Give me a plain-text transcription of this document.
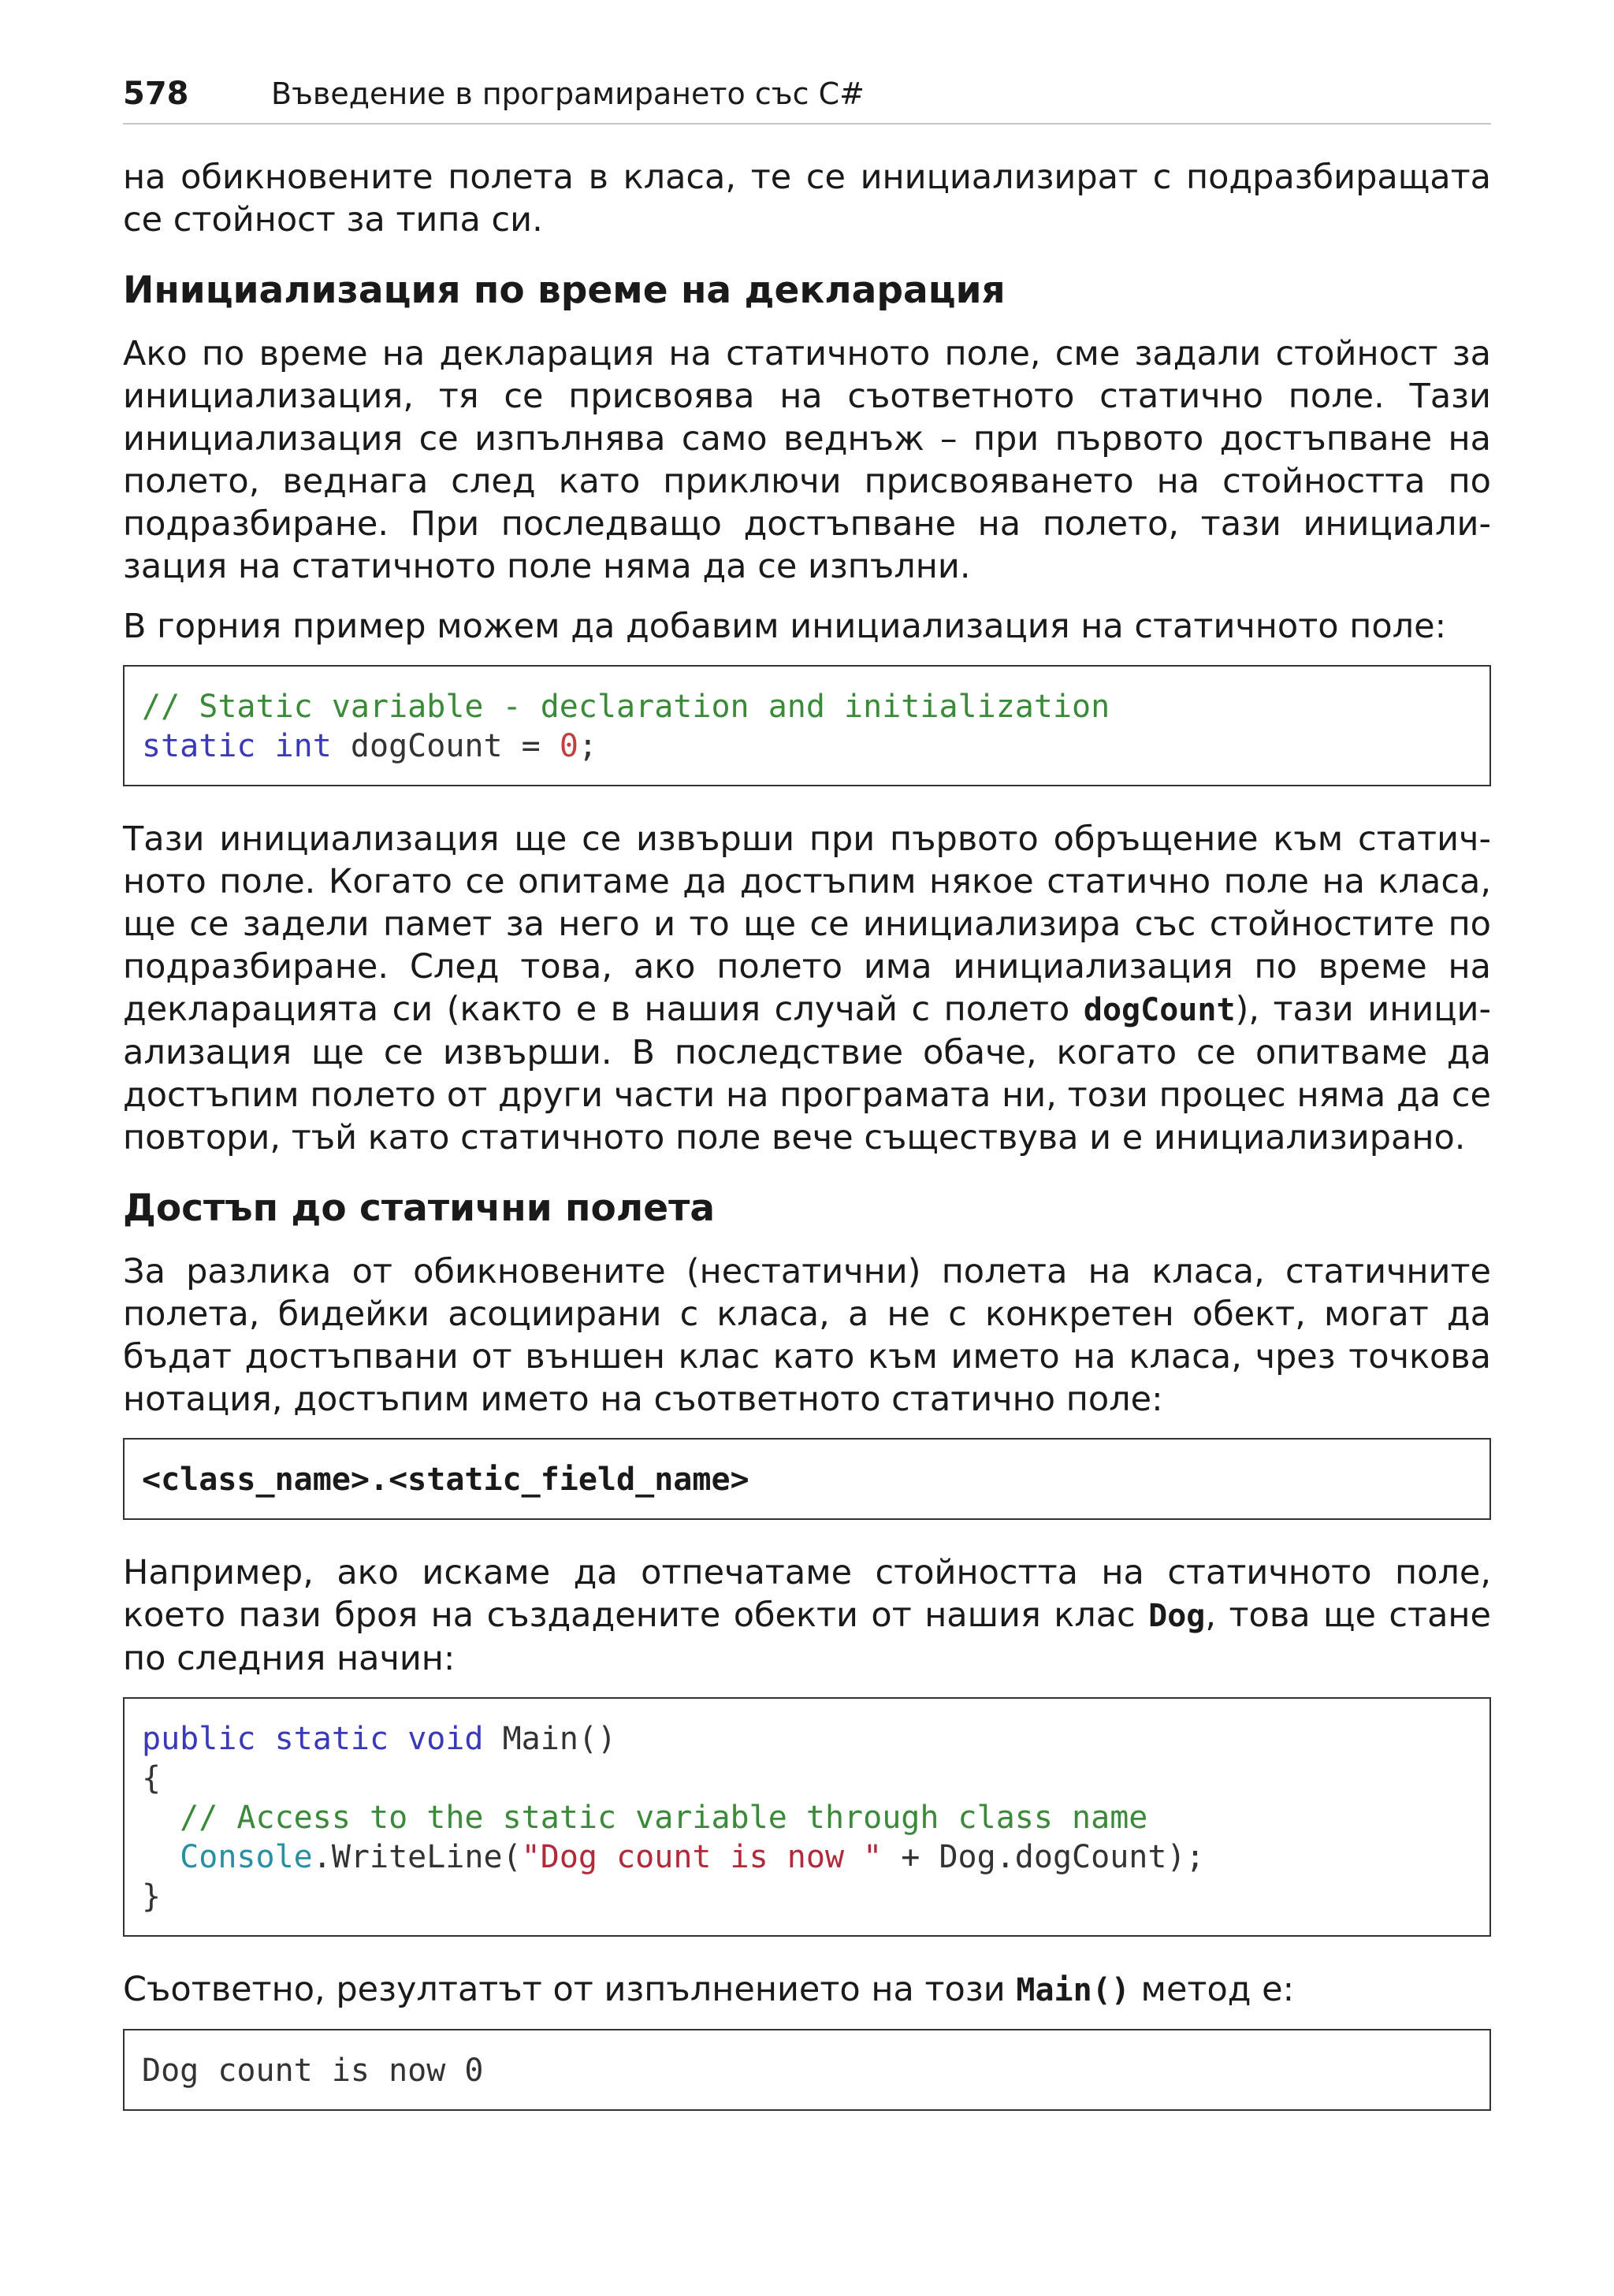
578	Въведение в програмирането със C#

на обикновените полета в класа, те се инициализират с подразбиращата се стойност за типа си.

Инициализация по време на декларация

Ако по време на декларация на статичното поле, сме задали стойност за инициализация, тя се присвоява на съответното статично поле. Тази инициализация се изпълнява само веднъж – при първото достъпване на полето, веднага след като приключи присвояването на стойността по подразбиране. При последващо достъпване на полето, тази инициализация на статичното поле няма да се изпълни.

В горния пример можем да добавим инициализация на статичното поле:

// Static variable - declaration and initialization
static int dogCount = 0;

Тази инициализация ще се извърши при първото обръщение към статичното поле. Когато се опитаме да достъпим някое статично поле на класа, ще се задели памет за него и то ще се инициализира със стойностите по подразбиране. След това, ако полето има инициализация по време на декларацията си (както е в нашия случай с полето dogCount), тази инициализация ще се извърши. В последствие обаче, когато се опитваме да достъпим полето от други части на програмата ни, този процес няма да се повтори, тъй като статичното поле вече съществува и е инициализирано.

Достъп до статични полета

За разлика от обикновените (нестатични) полета на класа, статичните полета, бидейки асоциирани с класа, а не с конкретен обект, могат да бъдат достъпвани от външен клас като към името на класа, чрез точкова нотация, достъпим името на съответното статично поле:

<class_name>.<static_field_name>

Например, ако искаме да отпечатаме стойността на статичното поле, което пази броя на създадените обекти от нашия клас Dog, това ще стане по следния начин:

public static void Main()
{
// Access to the static variable through class name
Console.WriteLine("Dog count is now " + Dog.dogCount);
}

Съответно, резултатът от изпълнението на този Main() метод е:

Dog count is now 0
